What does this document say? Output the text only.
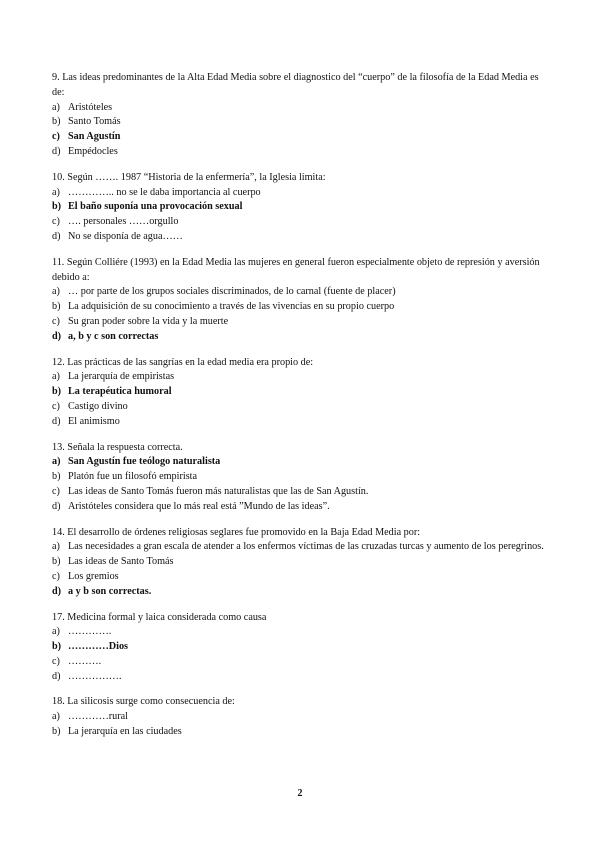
9. Las ideas predominantes de la Alta Edad Media sobre el diagnostico del “cuerpo” de la filosofía de la Edad Media es de:

a) Aristóteles
b) Santo Tomás
c) San Agustín
d) Empédocles

10. Según ……. 1987 “Historia de la enfermería”, la Iglesia limita:

a) ………….. no se le daba importancia al cuerpo
b) El baño suponía una provocación sexual
c) …. personales ……orgullo
d) No se disponía de agua……

11. Según Colliére (1993) en la Edad Media las mujeres en general fueron especialmente objeto de represión y aversión debido a:

a) … por parte de los grupos sociales discriminados, de lo carnal (fuente de placer)
b) La adquisición de su conocimiento a través de las vivencias en su propio cuerpo
c) Su gran poder sobre la vida y la muerte
d) a, b y c son correctas

12. Las prácticas de las sangrías en la edad media era propio de:

a) La jerarquía de empiristas
b) La terapéutica humoral
c) Castigo divino
d) El animismo

13. Señala la respuesta correcta.

a) San Agustín fue teólogo naturalista
b) Platón fue un filosofó empirista
c) Las ideas de Santo Tomás fueron más naturalistas que las de San Agustín.
d) Aristóteles considera que lo más real está ”Mundo de las ideas”.

14. El desarrollo de órdenes religiosas seglares fue promovido en la Baja Edad Media por:

a) Las necesidades a gran escala de atender a los enfermos víctimas de las cruzadas turcas y aumento de los peregrinos.
b) Las ideas de Santo Tomás
c) Los gremios
d) a y b son correctas.

17. Medicina formal y laica considerada como causa

a) ………….
b) …………Dios
c) ……….
d) …………….

18. La silicosis surge como consecuencia de:

a) …………rural
b) La jerarquía en las ciudades
2
